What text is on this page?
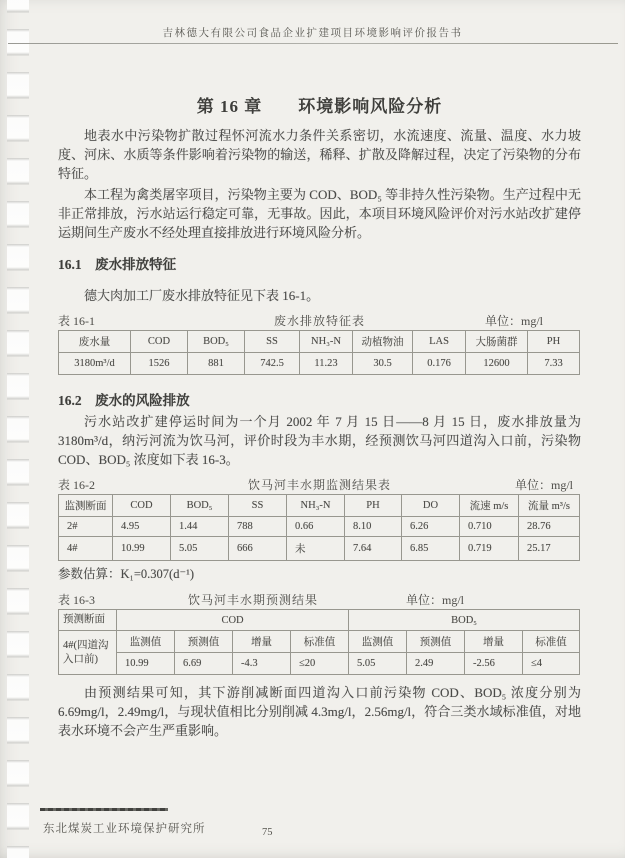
吉林德大有限公司食品企业扩建项目环境影响评价报告书
第 16 章　　环境影响风险分析

地表水中污染物扩散过程怀河流水力条件关系密切，水流速度、流量、温度、水力坡度、河床、水质等条件影响着污染物的输送，稀释、扩散及降解过程，决定了污染物的分布特征。

本工程为禽类屠宰项目，污染物主要为 COD、BOD₅ 等非持久性污染物。生产过程中无非正常排放，污水站运行稳定可靠，无事故。因此，本项目环境风险评价对污水站改扩建停运期间生产废水不经处理直接排放进行环境风险分析。

16.1　废水排放特征

德大肉加工厂废水排放特征见下表 16-1。

表 16-1	废水排放特征表	单位：mg/l
废水量	COD	BOD₅	SS	NH₃-N	动植物油	LAS	大肠菌群	PH
3180m³/d	1526	881	742.5	11.23	30.5	0.176	12600	7.33

16.2　废水的风险排放

污水站改扩建停运时间为一个月 2002 年 7 月 15 日——8 月 15 日，废水排放量为 3180m³/d，纳污河流为饮马河，评价时段为丰水期，经预测饮马河四道沟入口前，污染物 COD、BOD₅ 浓度如下表 16-3。

表 16-2	饮马河丰水期监测结果表	单位：mg/l
监测断面	COD	BOD₅	SS	NH₃-N	PH	DO	流速 m/s	流量 m³/s
2#	4.95	1.44	788	0.66	8.10	6.26	0.710	28.76
4#	10.99	5.05	666	未	7.64	6.85	0.719	25.17

参数估算：K₁=0.307(d⁻¹)

表 16-3	饮马河丰水期预测结果	单位：mg/l
预测断面	COD				BOD₅			
4#(四道沟入口前)	监测值	预测值	增量	标准值	监测值	预测值	增量	标准值
	10.99	6.69	-4.3	≤20	5.05	2.49	-2.56	≤4

由预测结果可知，其下游削减断面四道沟入口前污染物 COD、BOD₅ 浓度分别为 6.69mg/l，2.49mg/l，与现状值相比分别削减 4.3mg/l，2.56mg/l，符合三类水域标准值，对地表水环境不会产生严重影响。

东北煤炭工业环境保护研究所	75
